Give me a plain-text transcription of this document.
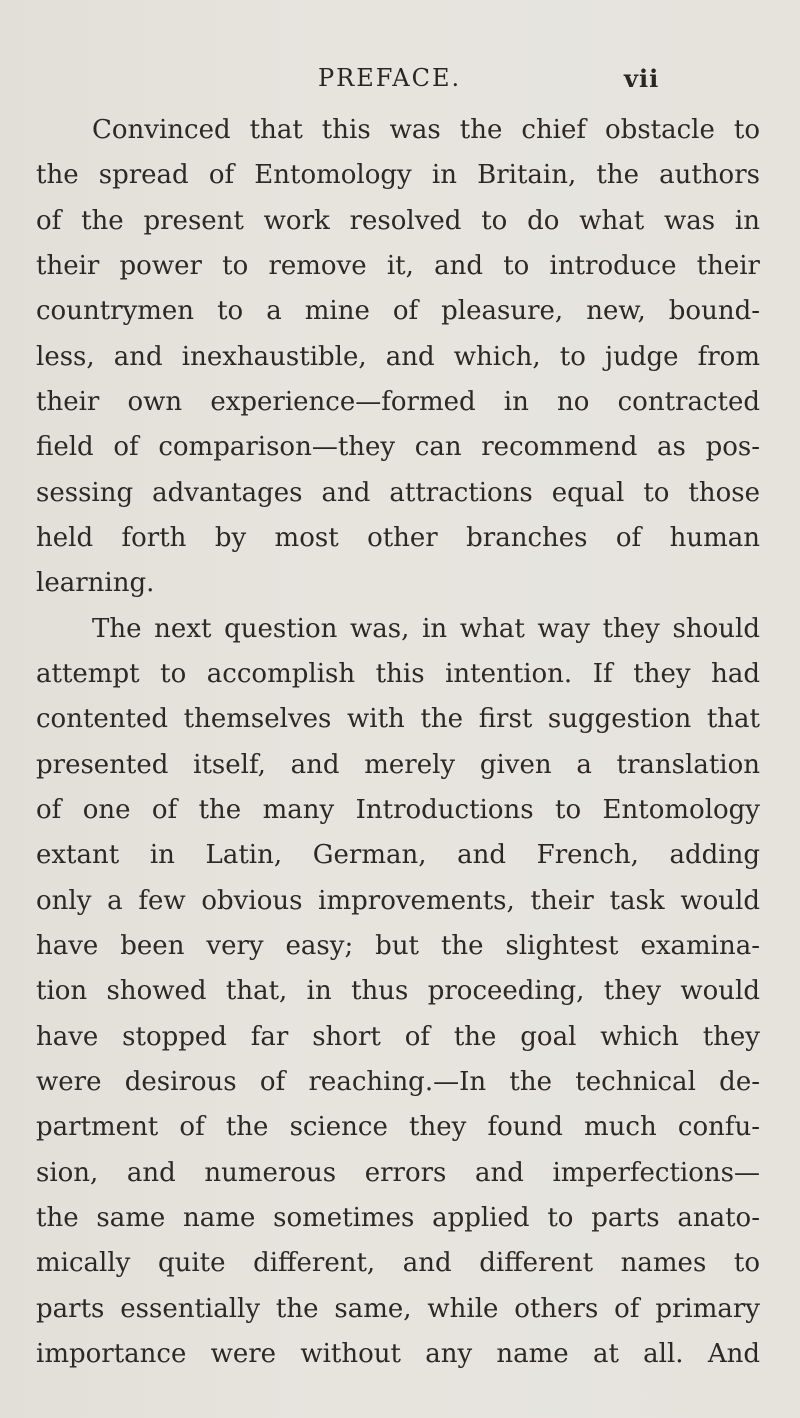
PREFACE.	vii
Convinced that this was the chief obstacle to
the spread of Entomology in Britain, the authors
of the present work resolved to do what was in
their power to remove it, and to introduce their
countrymen to a mine of pleasure, new, bound-
less, and inexhaustible, and which, to judge from
their own experience—formed in no contracted
field of comparison—they can recommend as pos-
sessing advantages and attractions equal to those
held forth by most other branches of human
learning.
The next question was, in what way they should
attempt to accomplish this intention. If they had
contented themselves with the first suggestion that
presented itself, and merely given a translation
of one of the many Introductions to Entomology
extant in Latin, German, and French, adding
only a few obvious improvements, their task would
have been very easy; but the slightest examina-
tion showed that, in thus proceeding, they would
have stopped far short of the goal which they
were desirous of reaching.—In the technical de-
partment of the science they found much confu-
sion, and numerous errors and imperfections—
the same name sometimes applied to parts anato-
mically quite different, and different names to
parts essentially the same, while others of primary
importance were without any name at all. And
